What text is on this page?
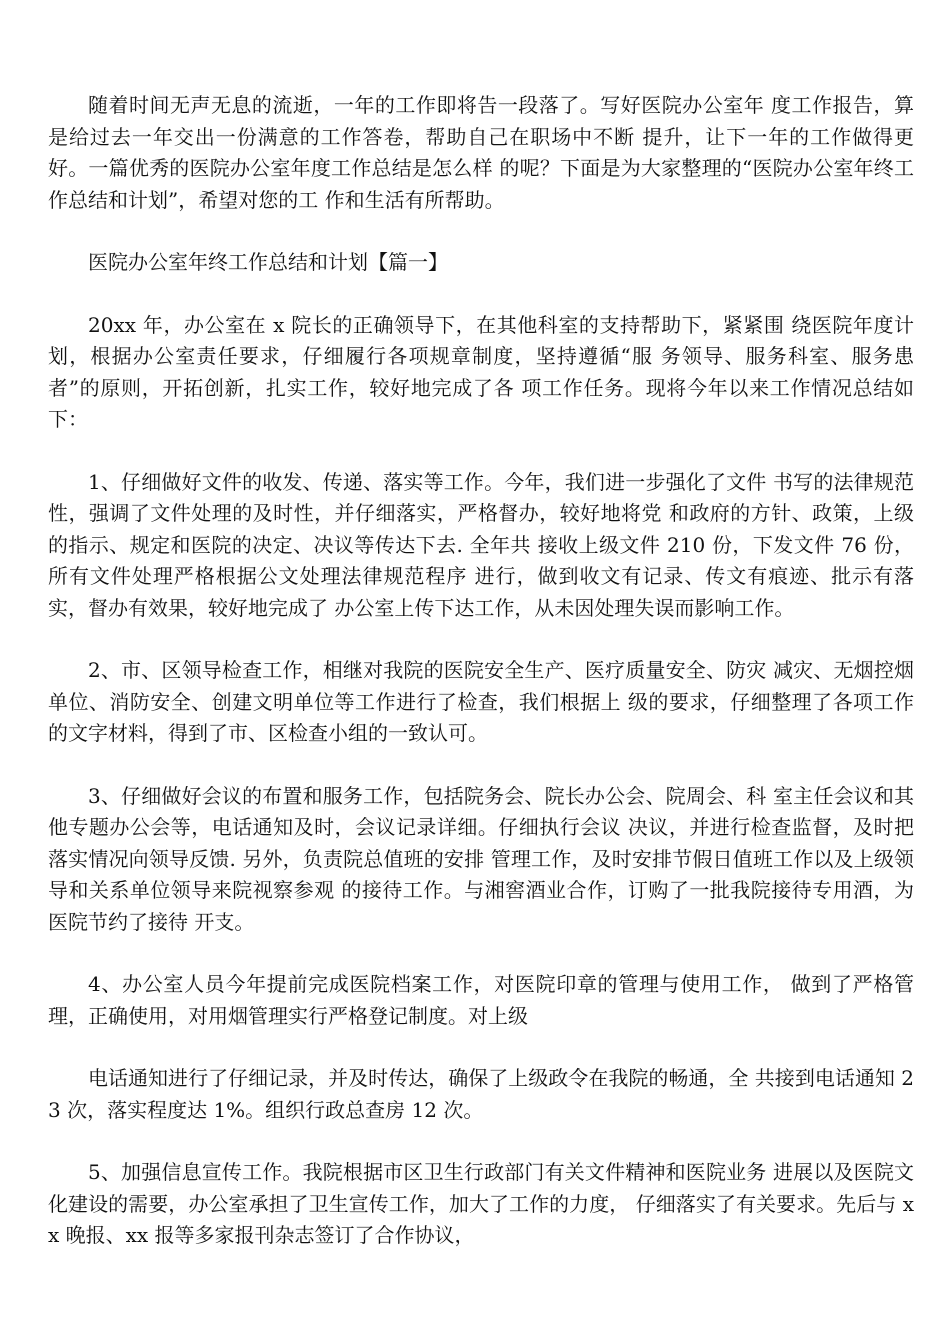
随着时间无声无息的流逝，一年的工作即将告一段落了。写好医院办公室年 度工作报告，算是给过去一年交出一份满意的工作答卷，帮助自己在职场中不断 提升，让下一年的工作做得更好。一篇优秀的医院办公室年度工作总结是怎么样 的呢？下面是为大家整理的“医院办公室年终工作总结和计划”，希望对您的工 作和生活有所帮助。

医院办公室年终工作总结和计划【篇一】

20xx 年，办公室在 x 院长的正确领导下，在其他科室的支持帮助下，紧紧围 绕医院年度计划，根据办公室责任要求，仔细履行各项规章制度，坚持遵循“服 务领导、服务科室、服务患者”的原则，开拓创新，扎实工作，较好地完成了各 项工作任务。现将今年以来工作情况总结如下：

1、仔细做好文件的收发、传递、落实等工作。今年，我们进一步强化了文件 书写的法律规范性，强调了文件处理的及时性，并仔细落实，严格督办，较好地将党 和政府的方针、政策，上级的指示、规定和医院的决定、决议等传达下去. 全年共 接收上级文件 210 份，下发文件 76 份，所有文件处理严格根据公文处理法律规范程序 进行，做到收文有记录、传文有痕迹、批示有落实，督办有效果，较好地完成了 办公室上传下达工作，从未因处理失误而影响工作。

2、市、区领导检查工作，相继对我院的医院安全生产、医疗质量安全、防灾 减灾、无烟控烟单位、消防安全、创建文明单位等工作进行了检查，我们根据上 级的要求，仔细整理了各项工作的文字材料，得到了市、区检查小组的一致认可。

3、仔细做好会议的布置和服务工作，包括院务会、院长办公会、院周会、科 室主任会议和其他专题办公会等，电话通知及时，会议记录详细。仔细执行会议 决议，并进行检查监督，及时把落实情况向领导反馈. 另外，负责院总值班的安排 管理工作，及时安排节假日值班工作以及上级领导和关系单位领导来院视察参观 的接待工作。与湘窖酒业合作，订购了一批我院接待专用酒，为医院节约了接待 开支。

4、办公室人员今年提前完成医院档案工作，对医院印章的管理与使用工作， 做到了严格管理，正确使用，对用烟管理实行严格登记制度。对上级

电话通知进行了仔细记录，并及时传达，确保了上级政令在我院的畅通，全 共接到电话通知 23 次，落实程度达 1%。组织行政总查房 12 次。

5、加强信息宣传工作。我院根据市区卫生行政部门有关文件精神和医院业务 进展以及医院文化建设的需要，办公室承担了卫生宣传工作，加大了工作的力度， 仔细落实了有关要求。先后与 xx 晚报、xx 报等多家报刊杂志签订了合作协议，
